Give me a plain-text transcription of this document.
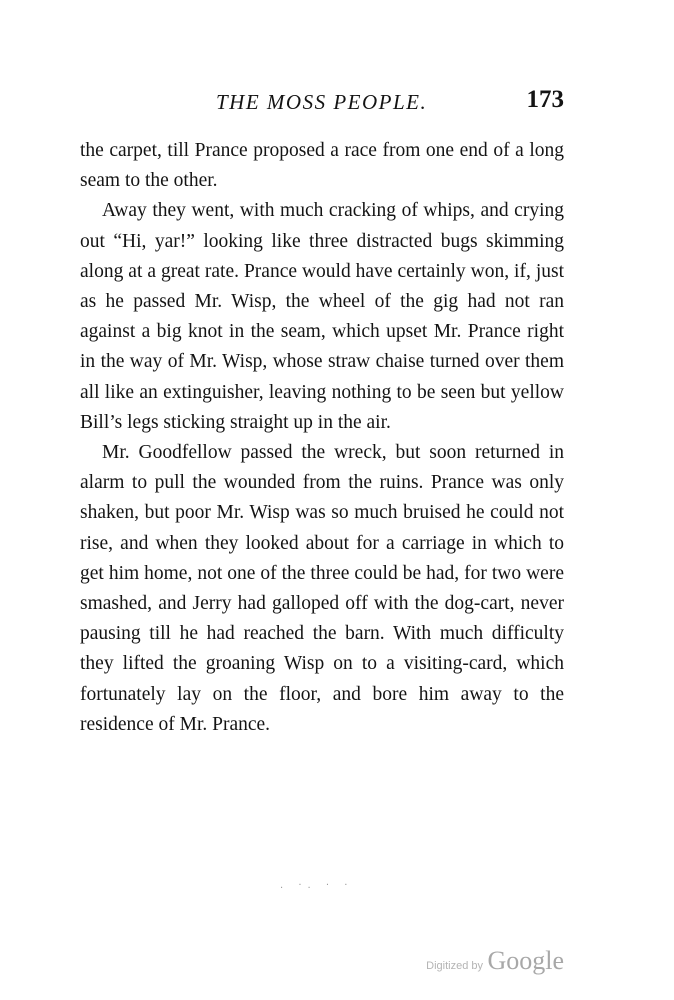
THE MOSS PEOPLE.	173

the carpet, till Prance proposed a race from one end of a long seam to the other.

Away they went, with much cracking of whips, and crying out “Hi, yar!” looking like three distracted bugs skimming along at a great rate. Prance would have certainly won, if, just as he passed Mr. Wisp, the wheel of the gig had not ran against a big knot in the seam, which upset Mr. Prance right in the way of Mr. Wisp, whose straw chaise turned over them all like an extinguisher, leaving nothing to be seen but yellow Bill’s legs sticking straight up in the air.

Mr. Goodfellow passed the wreck, but soon returned in alarm to pull the wounded from the ruins. Prance was only shaken, but poor Mr. Wisp was so much bruised he could not rise, and when they looked about for a carriage in which to get him home, not one of the three could be had, for two were smashed, and Jerry had galloped off with the dog-cart, never pausing till he had reached the barn. With much difficulty they lifted the groaning Wisp on to a visiting-card, which fortunately lay on the floor, and bore him away to the residence of Mr. Prance.

. ·. · ·
Digitized by Google
